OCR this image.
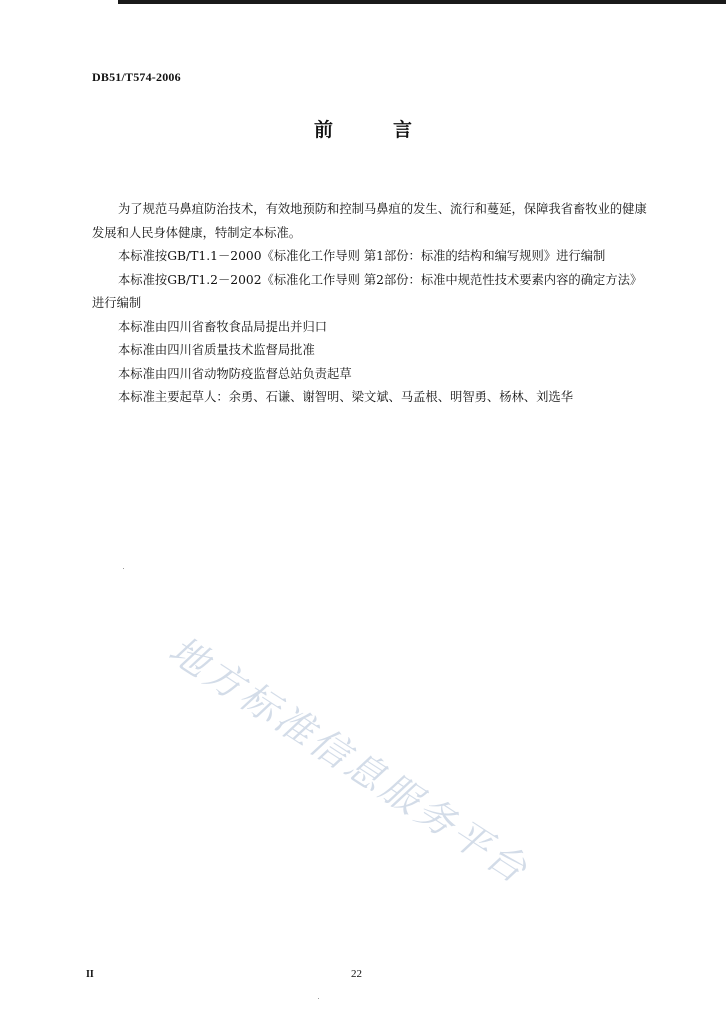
DB51/T574-2006
前言

为了规范马鼻疽防治技术，有效地预防和控制马鼻疽的发生、流行和蔓延，保障我省畜牧业的健康发展和人民身体健康，特制定本标准。

本标准按GB/T1.1－2000《标准化工作导则 第1部份：标准的结构和编写规则》进行编制

本标准按GB/T1.2－2002《标准化工作导则 第2部份：标准中规范性技术要素内容的确定方法》进行编制

本标准由四川省畜牧食品局提出并归口

本标准由四川省质量技术监督局批准

本标准由四川省动物防疫监督总站负责起草

本标准主要起草人：余勇、石谦、谢智明、梁文斌、马孟根、明智勇、杨林、刘选华

地方标准信息服务平台
II	22
